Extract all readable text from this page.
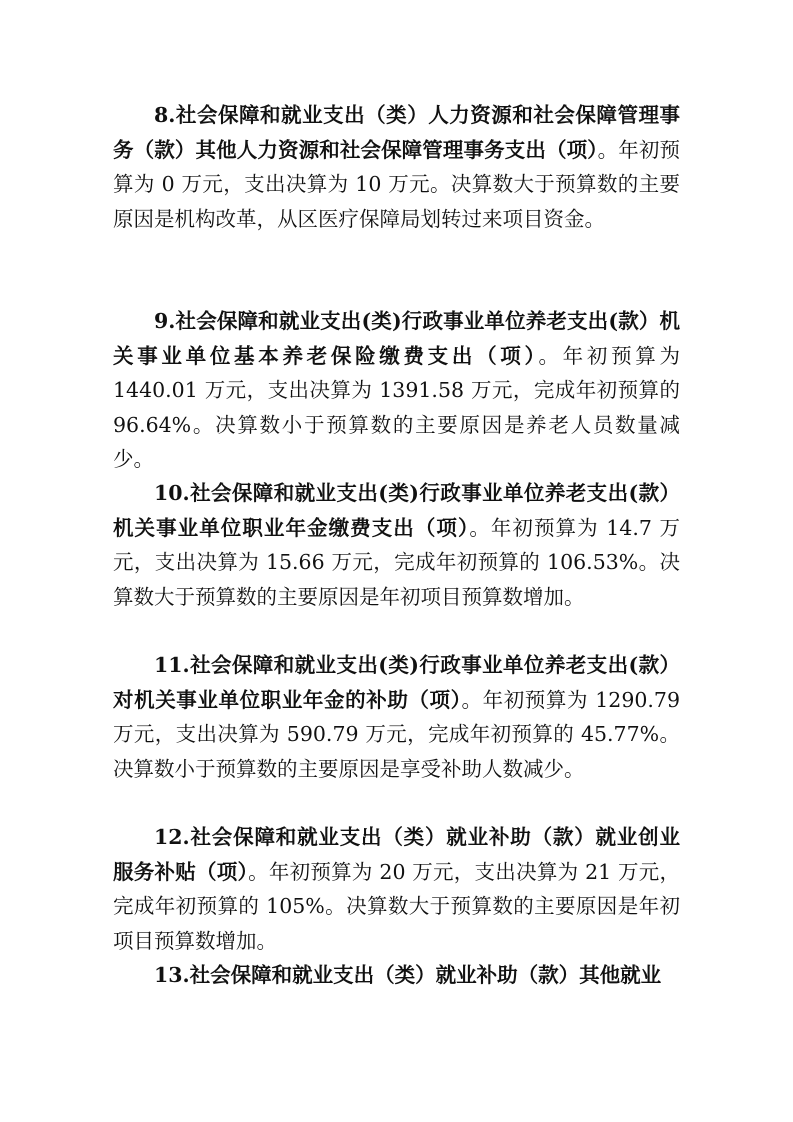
8.社会保障和就业支出（类）人力资源和社会保障管理事务（款）其他人力资源和社会保障管理事务支出（项）。年初预算为 0 万元，支出决算为 10 万元。决算数大于预算数的主要原因是机构改革，从区医疗保障局划转过来项目资金。

9.社会保障和就业支出(类)行政事业单位养老支出(款）机关事业单位基本养老保险缴费支出（项）。年初预算为 1440.01 万元，支出决算为 1391.58 万元，完成年初预算的 96.64%。决算数小于预算数的主要原因是养老人员数量减少。

10.社会保障和就业支出(类)行政事业单位养老支出(款）机关事业单位职业年金缴费支出（项）。年初预算为 14.7 万元，支出决算为 15.66 万元，完成年初预算的 106.53%。决算数大于预算数的主要原因是年初项目预算数增加。

11.社会保障和就业支出(类)行政事业单位养老支出(款）对机关事业单位职业年金的补助（项）。年初预算为 1290.79 万元，支出决算为 590.79 万元，完成年初预算的 45.77%。决算数小于预算数的主要原因是享受补助人数减少。

12.社会保障和就业支出（类）就业补助（款）就业创业服务补贴（项）。年初预算为 20 万元，支出决算为 21 万元，完成年初预算的 105%。决算数大于预算数的主要原因是年初项目预算数增加。

13.社会保障和就业支出（类）就业补助（款）其他就业
